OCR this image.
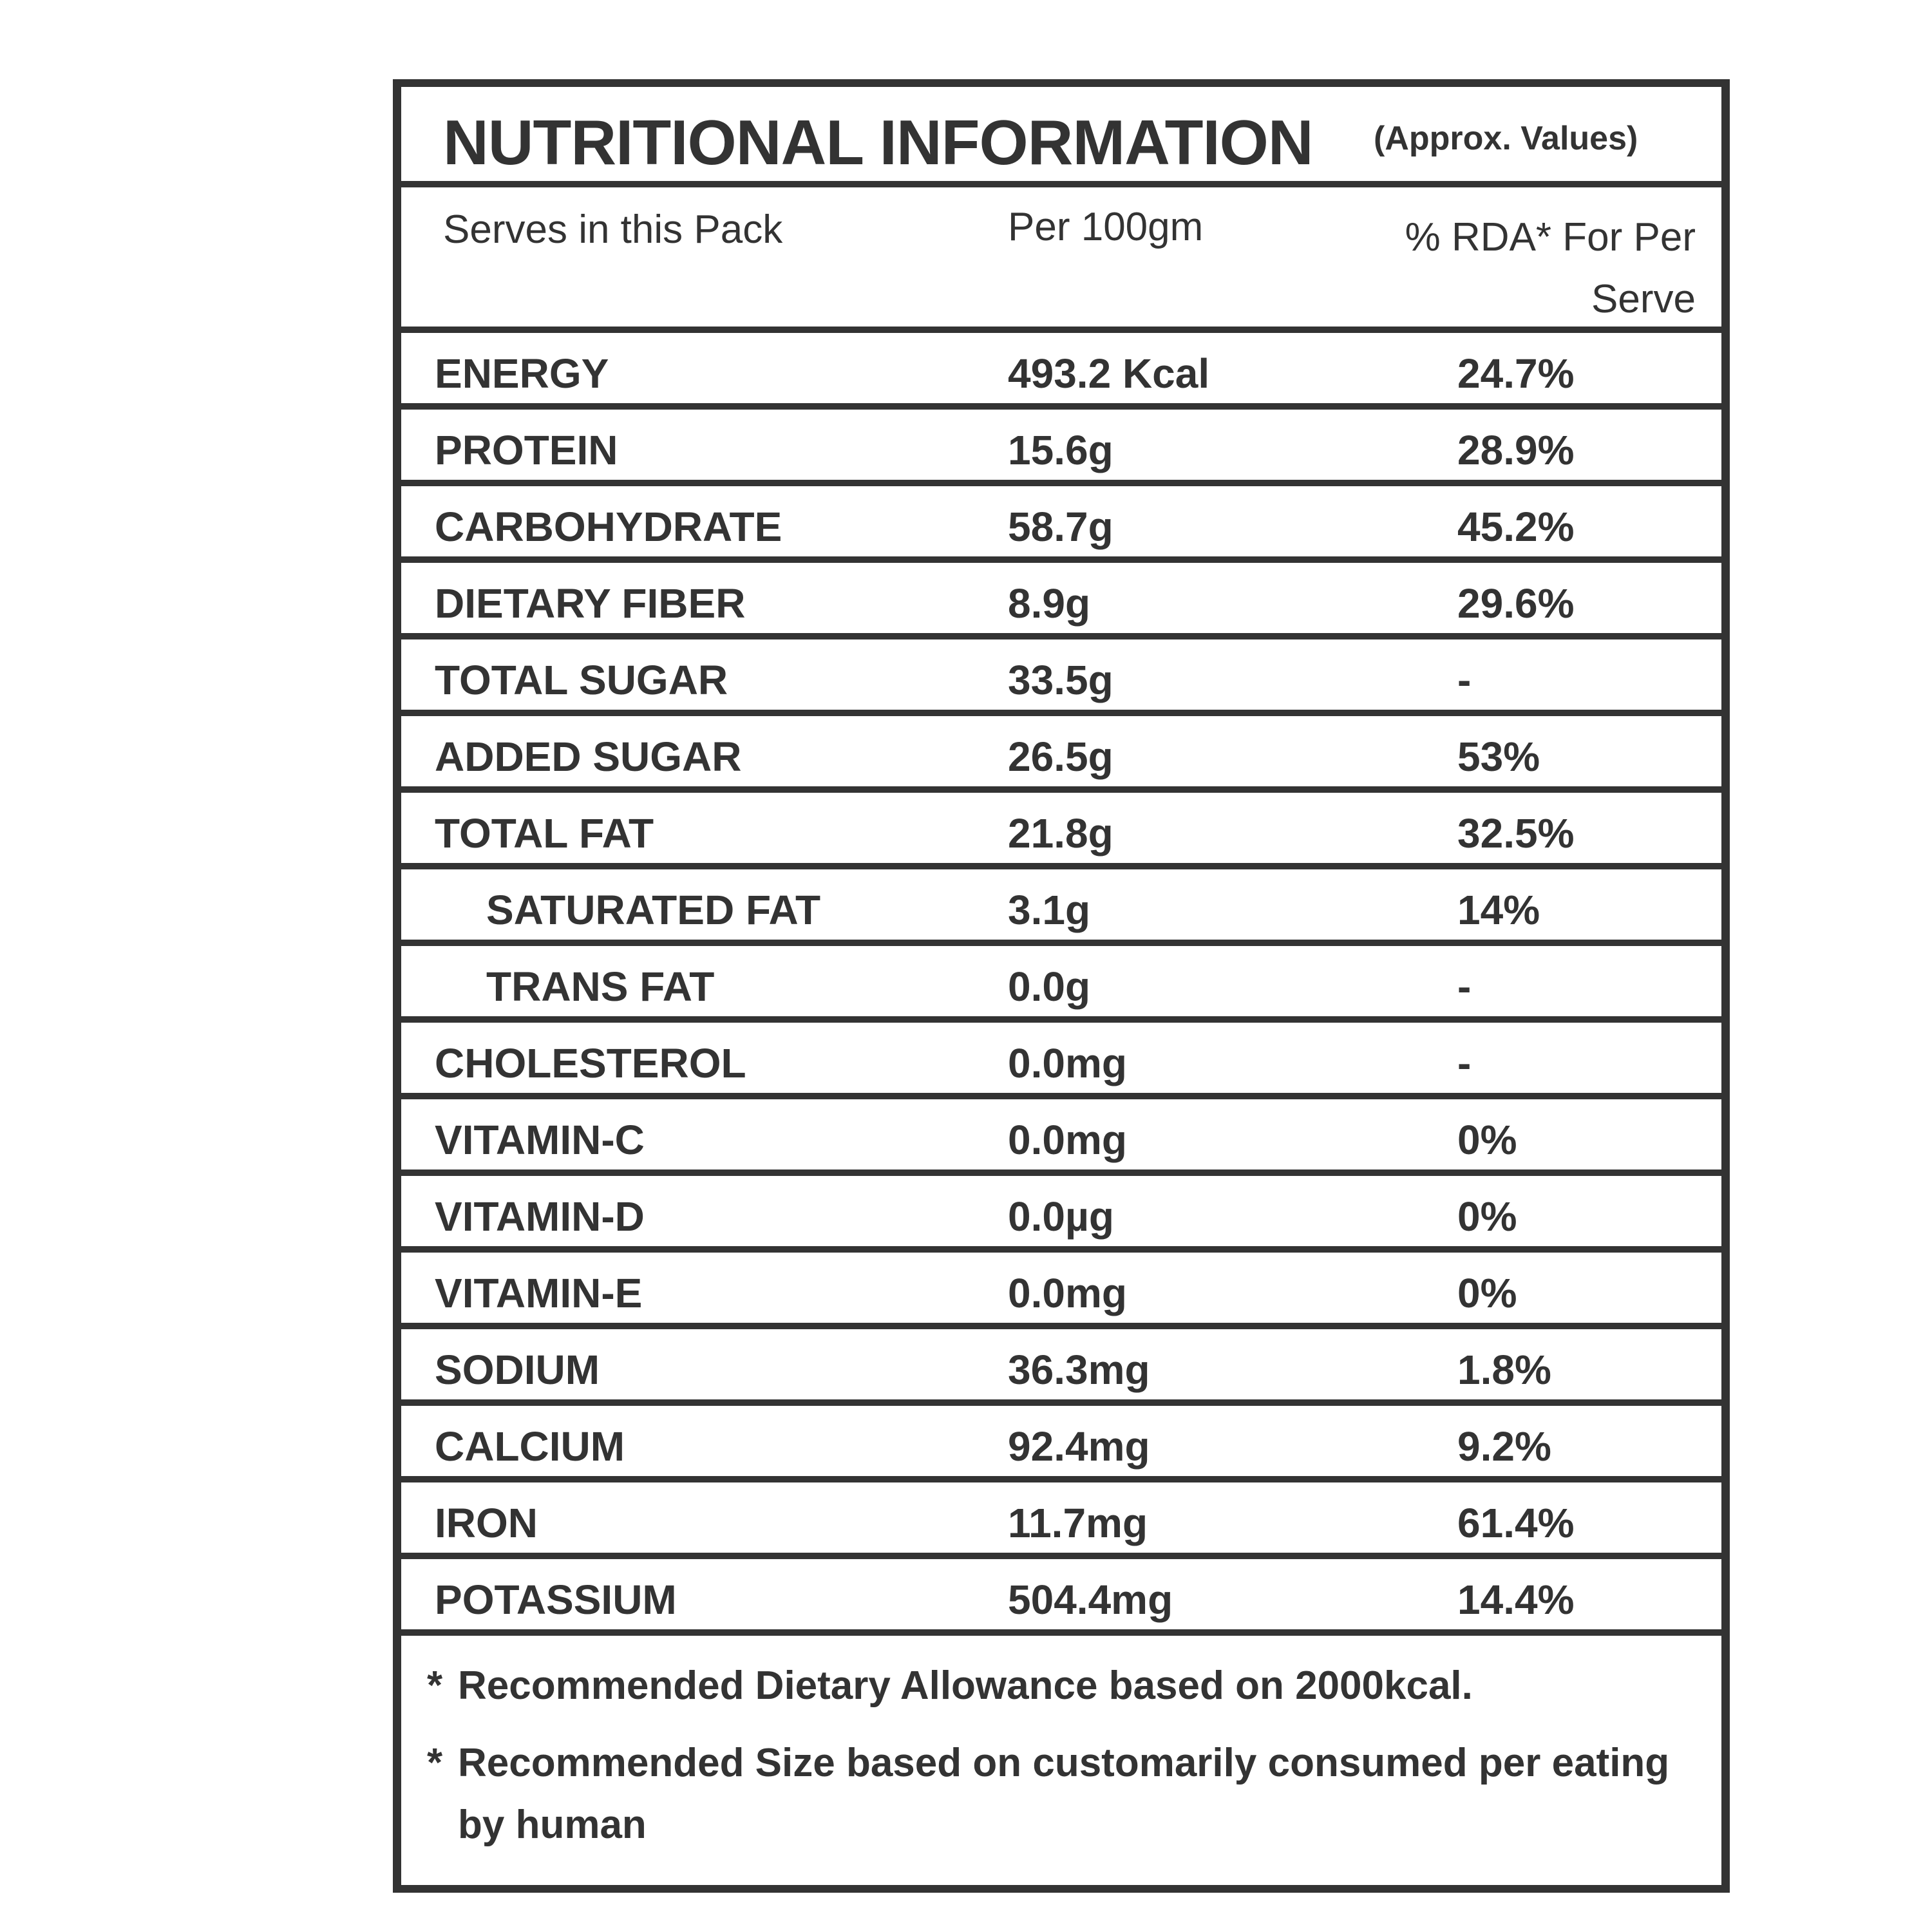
NUTRITIONAL INFORMATION (Approx. Values)
Serves in this Pack	Per 100gm	% RDA* For Per Serve
ENERGY	493.2 Kcal	24.7%
PROTEIN	15.6g	28.9%
CARBOHYDRATE	58.7g	45.2%
DIETARY FIBER	8.9g	29.6%
TOTAL SUGAR	33.5g	-
ADDED SUGAR	26.5g	53%
TOTAL FAT	21.8g	32.5%
SATURATED FAT	3.1g	14%
TRANS FAT	0.0g	-
CHOLESTEROL	0.0mg	-
VITAMIN-C	0.0mg	0%
VITAMIN-D	0.0µg	0%
VITAMIN-E	0.0mg	0%
SODIUM	36.3mg	1.8%
CALCIUM	92.4mg	9.2%
IRON	11.7mg	61.4%
POTASSIUM	504.4mg	14.4%
* Recommended Dietary Allowance based on 2000kcal.
* Recommended Size based on customarily consumed per eating by human
